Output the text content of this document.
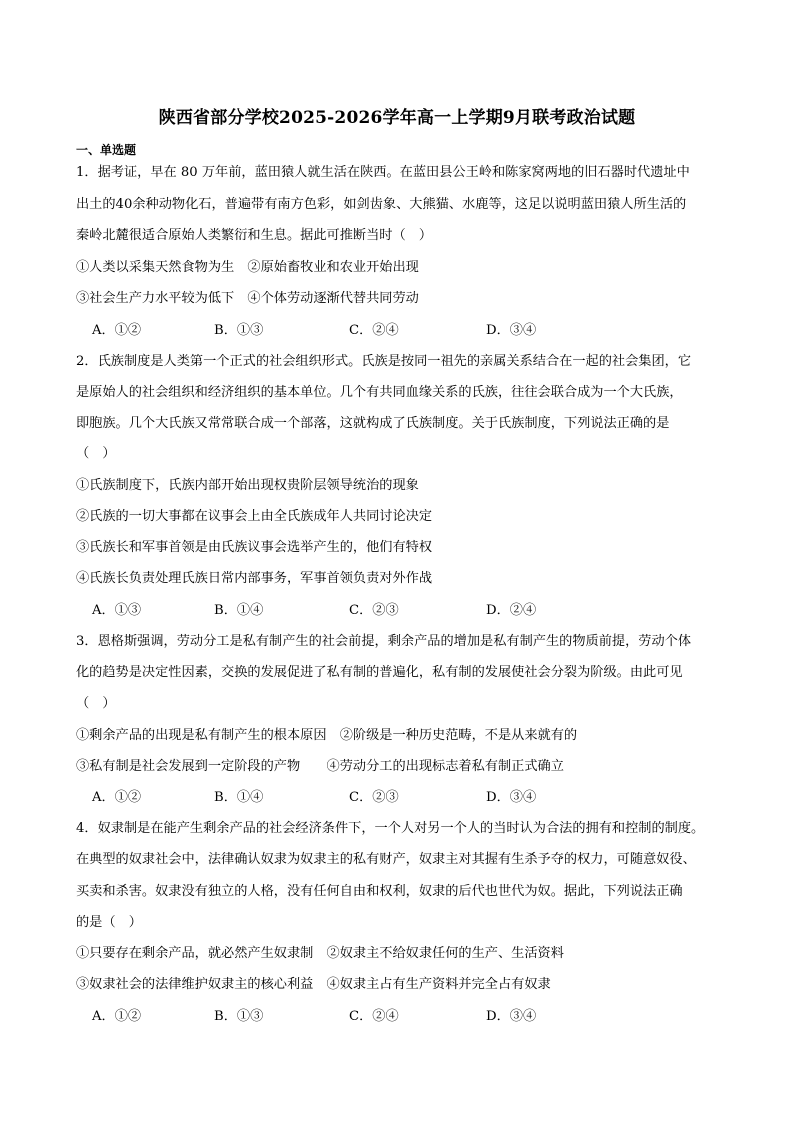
陕西省部分学校2025-2026学年高一上学期9月联考政治试题
一、单选题
1．据考证，早在 80 万年前，蓝田猿人就生活在陕西。在蓝田县公王岭和陈家窝两地的旧石器时代遗址中
出土的40余种动物化石，普遍带有南方色彩，如剑齿象、大熊猫、水鹿等，这足以说明蓝田猿人所生活的
秦岭北麓很适合原始人类繁衍和生息。据此可推断当时（　）
①人类以采集天然食物为生　②原始畜牧业和农业开始出现
③社会生产力水平较为低下　④个体劳动逐渐代替共同劳动
A．①②	B．①③	C．②④	D．③④
2．氏族制度是人类第一个正式的社会组织形式。氏族是按同一祖先的亲属关系结合在一起的社会集团，它
是原始人的社会组织和经济组织的基本单位。几个有共同血缘关系的氏族，往往会联合成为一个大氏族，
即胞族。几个大氏族又常常联合成一个部落，这就构成了氏族制度。关于氏族制度，下列说法正确的是
（　）
①氏族制度下，氏族内部开始出现权贵阶层领导统治的现象
②氏族的一切大事都在议事会上由全氏族成年人共同讨论决定
③氏族长和军事首领是由氏族议事会选举产生的，他们有特权
④氏族长负责处理氏族日常内部事务，军事首领负责对外作战
A．①③	B．①④	C．②③	D．②④
3．恩格斯强调，劳动分工是私有制产生的社会前提，剩余产品的增加是私有制产生的物质前提，劳动个体
化的趋势是决定性因素，交换的发展促进了私有制的普遍化，私有制的发展使社会分裂为阶级。由此可见
（　）
①剩余产品的出现是私有制产生的根本原因　②阶级是一种历史范畴，不是从来就有的
③私有制是社会发展到一定阶段的产物　　④劳动分工的出现标志着私有制正式确立
A．①②	B．①④	C．②③	D．③④
4．奴隶制是在能产生剩余产品的社会经济条件下，一个人对另一个人的当时认为合法的拥有和控制的制度。
在典型的奴隶社会中，法律确认奴隶为奴隶主的私有财产，奴隶主对其握有生杀予夺的权力，可随意奴役、
买卖和杀害。奴隶没有独立的人格，没有任何自由和权利，奴隶的后代也世代为奴。据此，下列说法正确
的是（　）
①只要存在剩余产品，就必然产生奴隶制　②奴隶主不给奴隶任何的生产、生活资料
③奴隶社会的法律维护奴隶主的核心利益　④奴隶主占有生产资料并完全占有奴隶
A．①②	B．①③	C．②④	D．③④
